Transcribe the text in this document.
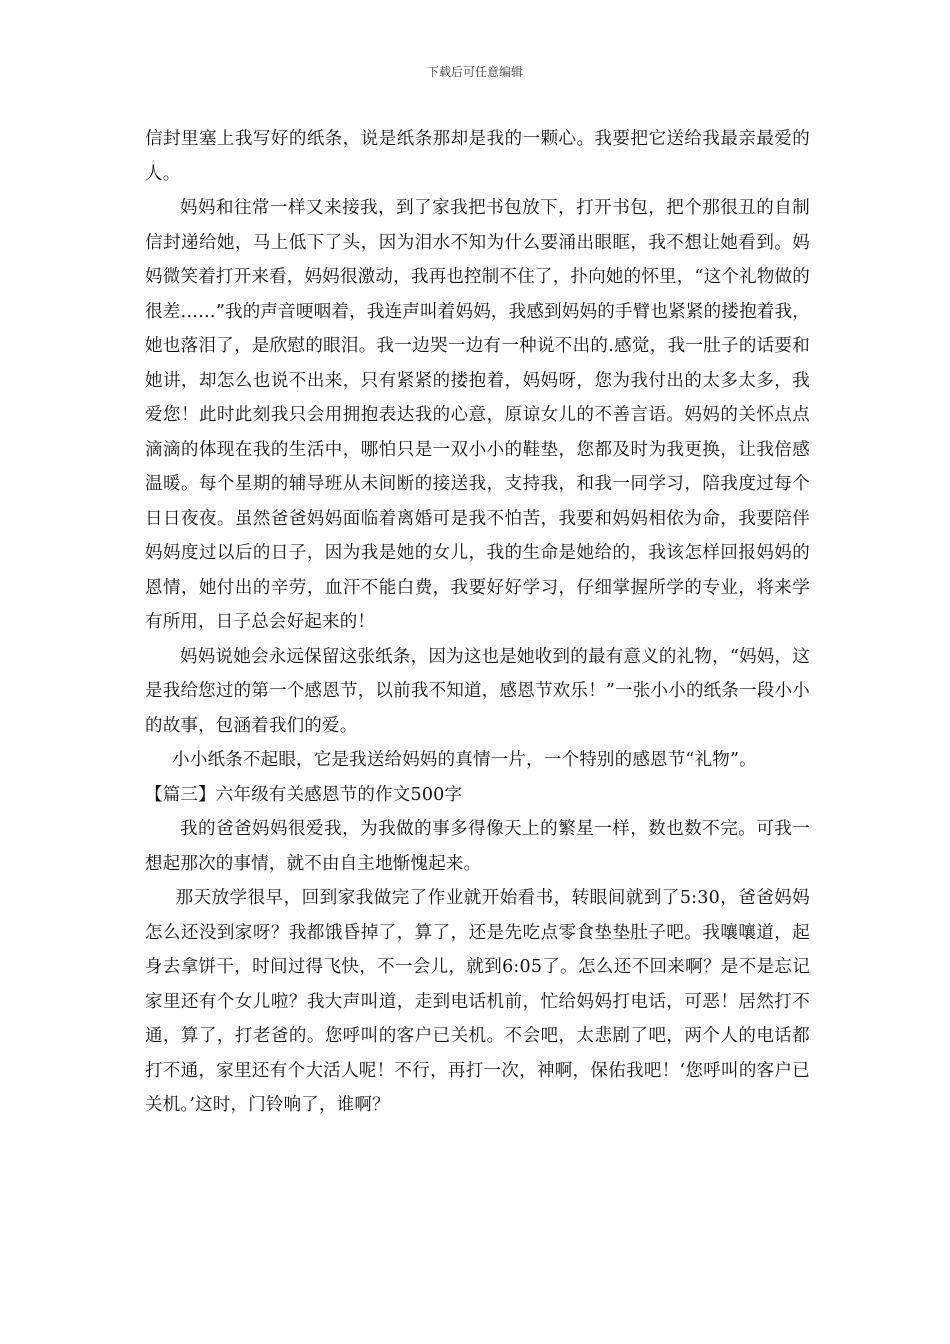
下载后可任意编辑

信封里塞上我写好的纸条，说是纸条那却是我的一颗心。我要把它送给我最亲最爱的人。

妈妈和往常一样又来接我，到了家我把书包放下，打开书包，把个那很丑的自制信封递给她，马上低下了头，因为泪水不知为什么要涌出眼眶，我不想让她看到。妈妈微笑着打开来看，妈妈很激动，我再也控制不住了，扑向她的怀里，“这个礼物做的很差……”我的声音哽咽着，我连声叫着妈妈，我感到妈妈的手臂也紧紧的搂抱着我，她也落泪了，是欣慰的眼泪。我一边哭一边有一种说不出的.感觉，我一肚子的话要和她讲，却怎么也说不出来，只有紧紧的搂抱着，妈妈呀，您为我付出的太多太多，我爱您！此时此刻我只会用拥抱表达我的心意，原谅女儿的不善言语。妈妈的关怀点点滴滴的体现在我的生活中，哪怕只是一双小小的鞋垫，您都及时为我更换，让我倍感温暖。每个星期的辅导班从未间断的接送我，支持我，和我一同学习，陪我度过每个日日夜夜。虽然爸爸妈妈面临着离婚可是我不怕苦，我要和妈妈相依为命，我要陪伴妈妈度过以后的日子，因为我是她的女儿，我的生命是她给的，我该怎样回报妈妈的恩情，她付出的辛劳，血汗不能白费，我要好好学习，仔细掌握所学的专业，将来学有所用，日子总会好起来的！

妈妈说她会永远保留这张纸条，因为这也是她收到的最有意义的礼物，“妈妈，这是我给您过的第一个感恩节，以前我不知道，感恩节欢乐！”一张小小的纸条一段小小的故事，包涵着我们的爱。

小小纸条不起眼，它是我送给妈妈的真情一片，一个特别的感恩节“礼物”。

【篇三】六年级有关感恩节的作文500字

我的爸爸妈妈很爱我，为我做的事多得像天上的繁星一样，数也数不完。可我一想起那次的事情，就不由自主地惭愧起来。

那天放学很早，回到家我做完了作业就开始看书，转眼间就到了5:30，爸爸妈妈怎么还没到家呀？我都饿昏掉了，算了，还是先吃点零食垫垫肚子吧。我嚷嚷道，起身去拿饼干，时间过得飞快，不一会儿，就到6:05了。怎么还不回来啊？是不是忘记家里还有个女儿啦？我大声叫道，走到电话机前，忙给妈妈打电话，可恶！居然打不通，算了，打老爸的。您呼叫的客户已关机。不会吧，太悲剧了吧，两个人的电话都打不通，家里还有个大活人呢！不行，再打一次，神啊，保佑我吧！‘您呼叫的客户已关机。’这时，门铃响了，谁啊？
